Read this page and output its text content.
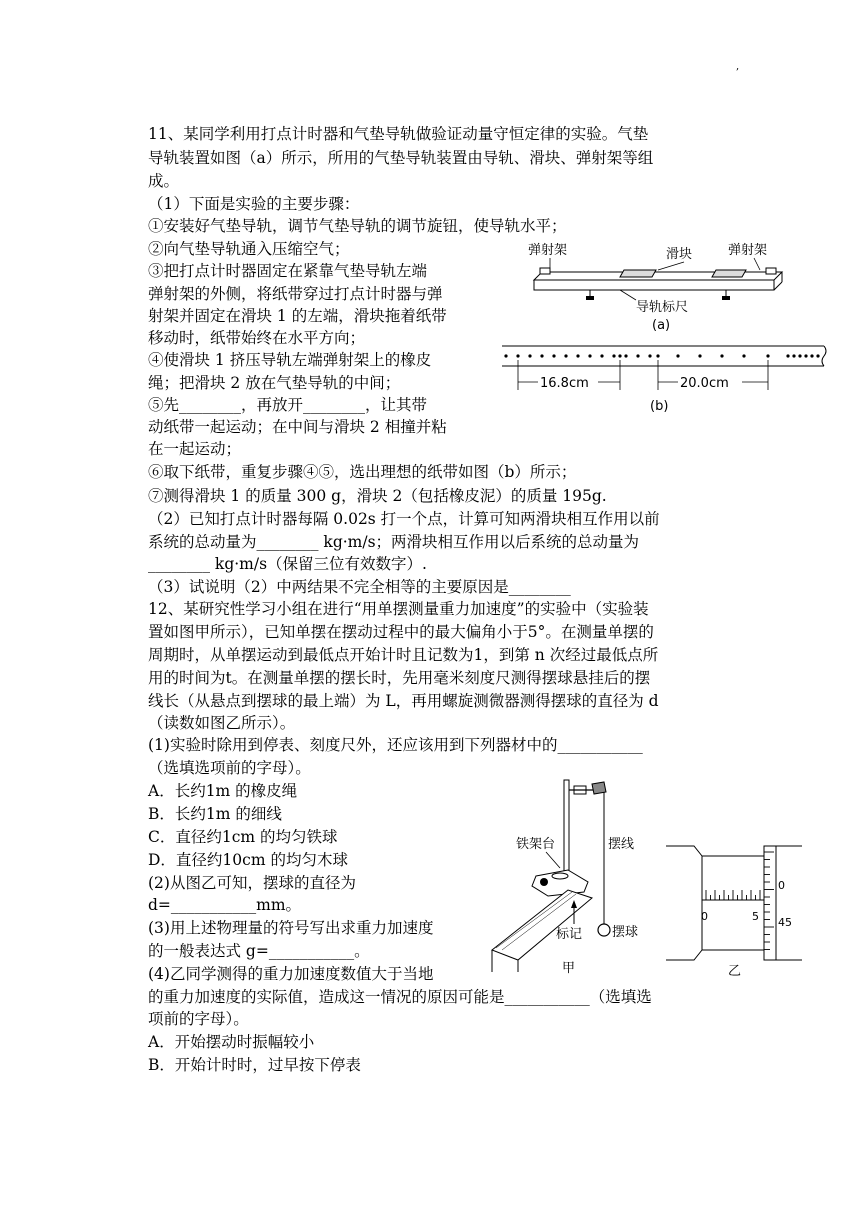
,
11、某同学利用打点计时器和气垫导轨做验证动量守恒定律的实验。气垫
导轨装置如图（a）所示，所用的气垫导轨装置由导轨、滑块、弹射架等组
成。
（1）下面是实验的主要步骤：
①安装好气垫导轨，调节气垫导轨的调节旋钮，使导轨水平；
②向气垫导轨通入压缩空气；
③把打点计时器固定在紧靠气垫导轨左端
弹射架的外侧，将纸带穿过打点计时器与弹
射架并固定在滑块 1 的左端，滑块拖着纸带
移动时，纸带始终在水平方向；
④使滑块 1 挤压导轨左端弹射架上的橡皮
绳；把滑块 2 放在气垫导轨的中间；
⑤先________，再放开________，让其带
动纸带一起运动；在中间与滑块 2 相撞并粘
在一起运动；
⑥取下纸带，重复步骤④⑤，选出理想的纸带如图（b）所示；
⑦测得滑块 1 的质量 300 g，滑块 2（包括橡皮泥）的质量 195g.
（2）已知打点计时器每隔 0.02s 打一个点，计算可知两滑块相互作用以前
系统的总动量为________ kg·m/s；两滑块相互作用以后系统的总动量为
________ kg·m/s（保留三位有效数字）.
（3）试说明（2）中两结果不完全相等的主要原因是________
弹射架	滑块	弹射架
导轨标尺
(a)
16.8cm	20.0cm
(b)
12、某研究性学习小组在进行“用单摆测量重力加速度”的实验中（实验装
置如图甲所示），已知单摆在摆动过程中的最大偏角小于5°。在测量单摆的
周期时，从单摆运动到最低点开始计时且记数为1，到第 n 次经过最低点所
用的时间为t。在测量单摆的摆长时，先用毫米刻度尺测得摆球悬挂后的摆
线长（从悬点到摆球的最上端）为 L，再用螺旋测微器测得摆球的直径为 d
（读数如图乙所示）。
(1)实验时除用到停表、刻度尺外，还应该用到下列器材中的___________
（选填选项前的字母）。
A．长约1m 的橡皮绳
B．长约1m 的细线
C．直径约1cm 的均匀铁球
D．直径约10cm 的均匀木球
(2)从图乙可知，摆球的直径为
d=___________mm。
(3)用上述物理量的符号写出求重力加速度
的一般表达式 g=___________。
(4)乙同学测得的重力加速度数值大于当地
的重力加速度的实际值，造成这一情况的原因可能是___________（选填选
项前的字母）。
A．开始摆动时振幅较小
B．开始计时时，过早按下停表
铁架台	摆线
摆球
标记
甲
0	5
0
45
乙
